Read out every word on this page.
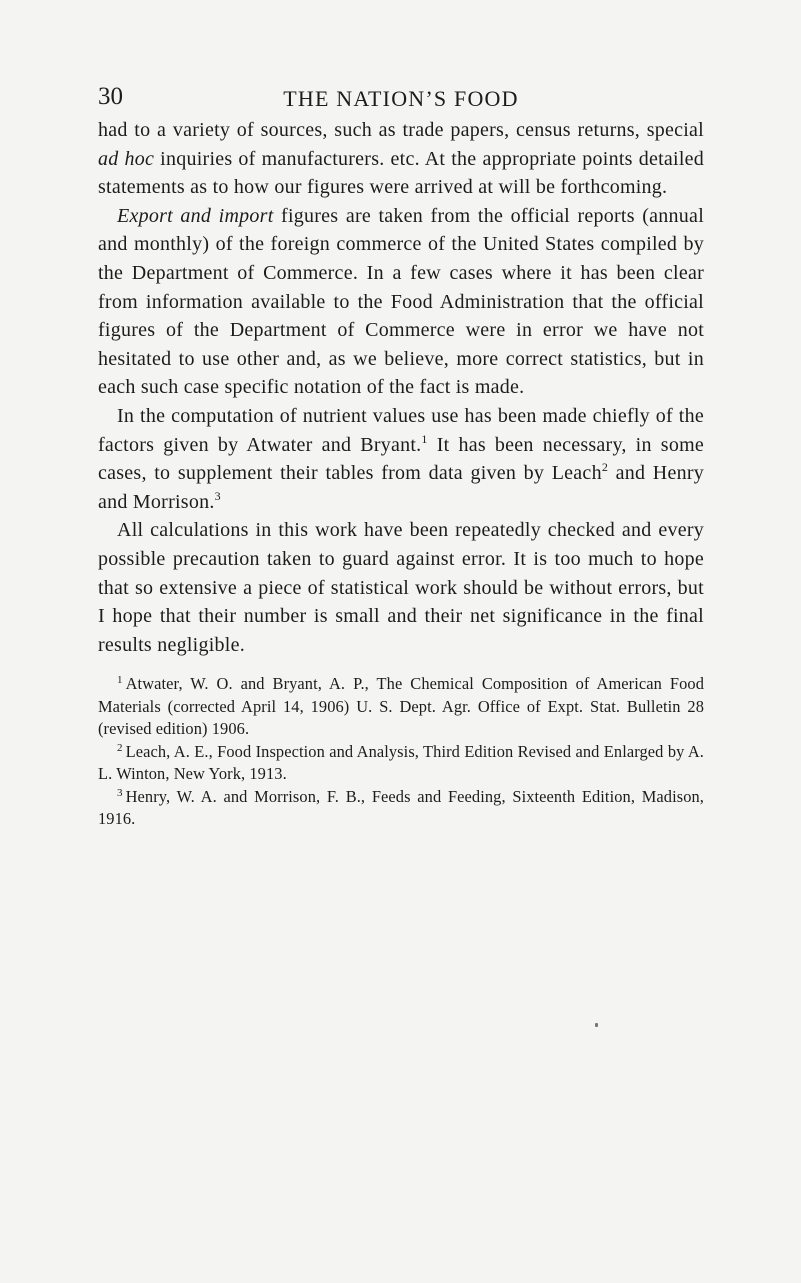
30	THE NATION’S FOOD

had to a variety of sources, such as trade papers, census returns, special ad hoc inquiries of manufacturers. etc. At the appropriate points detailed statements as to how our figures were arrived at will be forthcoming.

Export and import figures are taken from the official reports (annual and monthly) of the foreign commerce of the United States compiled by the Department of Commerce. In a few cases where it has been clear from information available to the Food Administration that the official figures of the Department of Commerce were in error we have not hesitated to use other and, as we believe, more correct statistics, but in each such case specific notation of the fact is made.

In the computation of nutrient values use has been made chiefly of the factors given by Atwater and Bryant.$^1$ It has been necessary, in some cases, to supplement their tables from data given by Leach$^2$ and Henry and Morrison.$^3$

All calculations in this work have been repeatedly checked and every possible precaution taken to guard against error. It is too much to hope that so extensive a piece of statistical work should be without errors, but I hope that their number is small and their net significance in the final results negligible.

$^1$ Atwater, W. O. and Bryant, A. P., The Chemical Composition of American Food Materials (corrected April 14, 1906) U. S. Dept. Agr. Office of Expt. Stat. Bulletin 28 (revised edition) 1906.

$^2$ Leach, A. E., Food Inspection and Analysis, Third Edition Revised and Enlarged by A. L. Winton, New York, 1913.

$^3$ Henry, W. A. and Morrison, F. B., Feeds and Feeding, Sixteenth Edition, Madison, 1916.
